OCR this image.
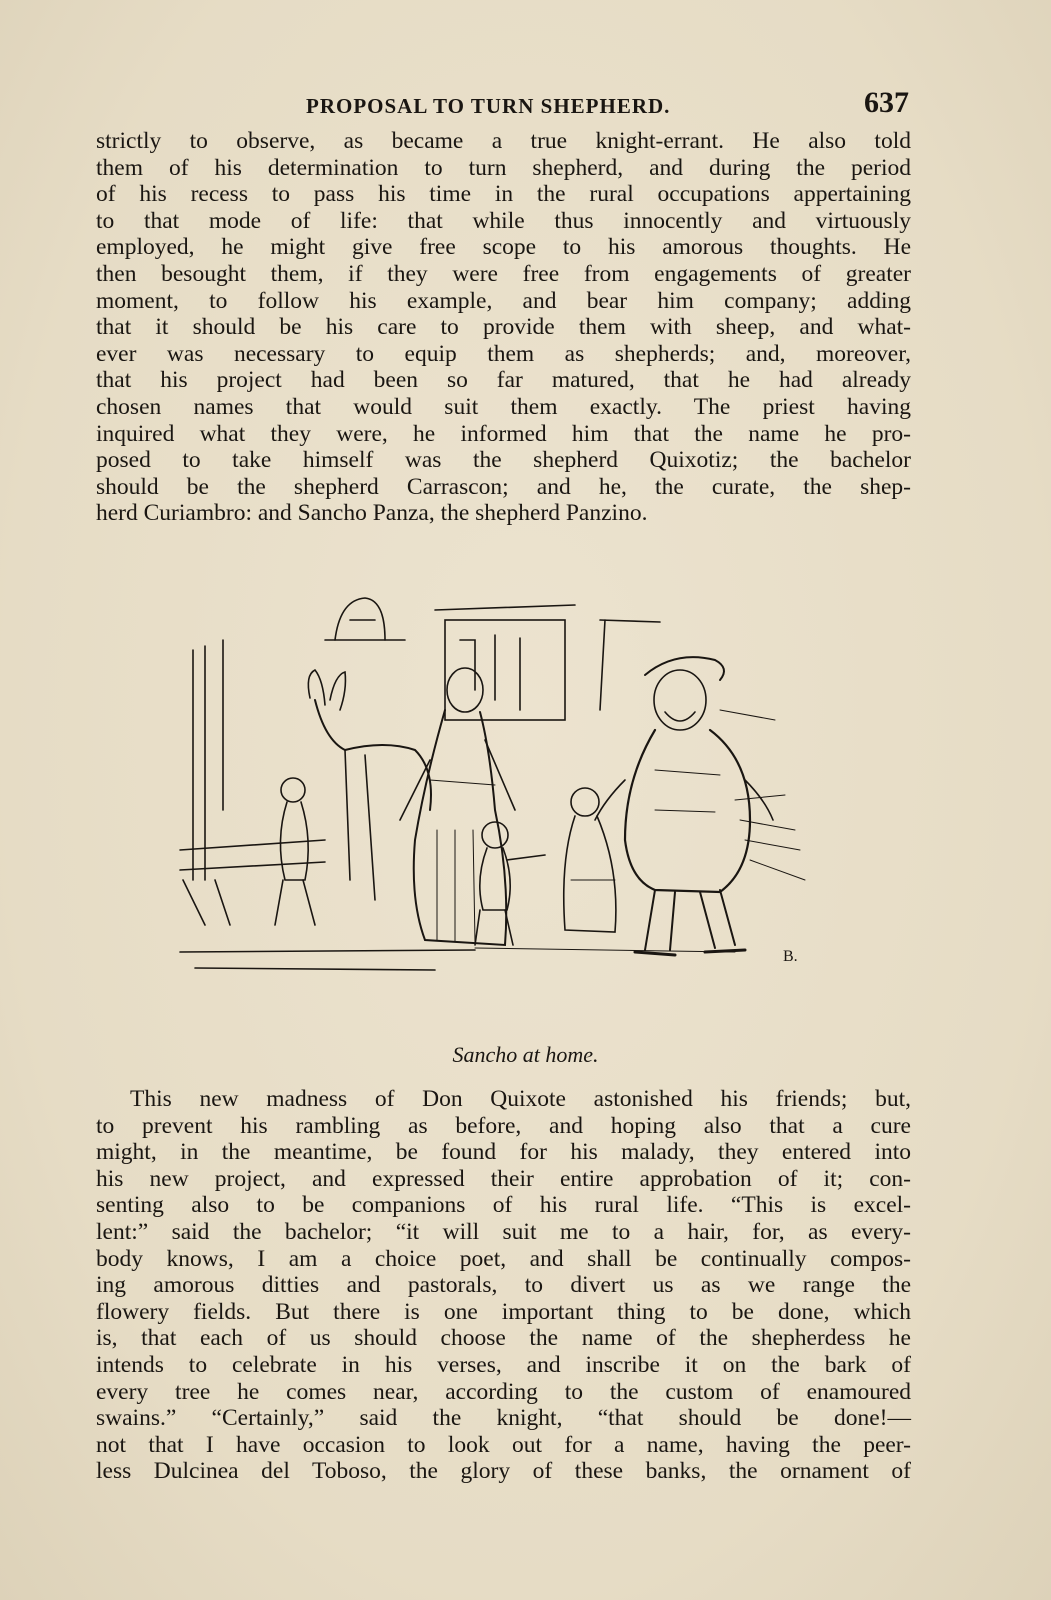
PROPOSAL TO TURN SHEPHERD.	637
strictly to observe, as became a true knight-errant. He also told
them of his determination to turn shepherd, and during the period
of his recess to pass his time in the rural occupations appertaining
to that mode of life: that while thus innocently and virtuously
employed, he might give free scope to his amorous thoughts. He
then besought them, if they were free from engagements of greater
moment, to follow his example, and bear him company; adding
that it should be his care to provide them with sheep, and what-
ever was necessary to equip them as shepherds; and, moreover,
that his project had been so far matured, that he had already
chosen names that would suit them exactly. The priest having
inquired what they were, he informed him that the name he pro-
posed to take himself was the shepherd Quixotiz; the bachelor
should be the shepherd Carrascon; and he, the curate, the shep-
herd Curiambro: and Sancho Panza, the shepherd Panzino.
B.
Sancho at home.
This new madness of Don Quixote astonished his friends; but,
to prevent his rambling as before, and hoping also that a cure
might, in the meantime, be found for his malady, they entered into
his new project, and expressed their entire approbation of it; con-
senting also to be companions of his rural life. “This is excel-
lent:” said the bachelor; “it will suit me to a hair, for, as every-
body knows, I am a choice poet, and shall be continually compos-
ing amorous ditties and pastorals, to divert us as we range the
flowery fields. But there is one important thing to be done, which
is, that each of us should choose the name of the shepherdess he
intends to celebrate in his verses, and inscribe it on the bark of
every tree he comes near, according to the custom of enamoured
swains.” “Certainly,” said the knight, “that should be done!—
not that I have occasion to look out for a name, having the peer-
less Dulcinea del Toboso, the glory of these banks, the ornament of
